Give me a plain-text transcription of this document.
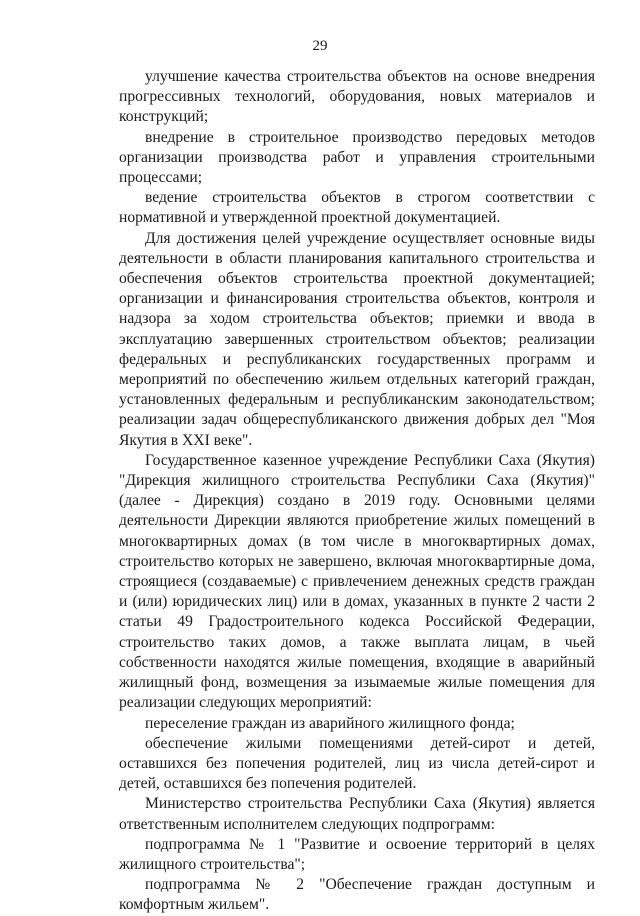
29

улучшение качества строительства объектов на основе внедрения прогрессивных технологий, оборудования, новых материалов и конструкций;

внедрение в строительное производство передовых методов организации производства работ и управления строительными процессами;

ведение строительства объектов в строгом соответствии с нормативной и утвержденной проектной документацией.

Для достижения целей учреждение осуществляет основные виды деятельности в области планирования капитального строительства и обеспечения объектов строительства проектной документацией; организации и финансирования строительства объектов, контроля и надзора за ходом строительства объектов; приемки и ввода в эксплуатацию завершенных строительством объектов; реализации федеральных и республиканских государственных программ и мероприятий по обеспечению жильем отдельных категорий граждан, установленных федеральным и республиканским законодательством; реализации задач общереспубликанского движения добрых дел "Моя Якутия в XXI веке".

Государственное казенное учреждение Республики Саха (Якутия) "Дирекция жилищного строительства Республики Саха (Якутия)" (далее - Дирекция) создано в 2019 году. Основными целями деятельности Дирекции являются приобретение жилых помещений в многоквартирных домах (в том числе в многоквартирных домах, строительство которых не завершено, включая многоквартирные дома, строящиеся (создаваемые) с привлечением денежных средств граждан и (или) юридических лиц) или в домах, указанных в пункте 2 части 2 статьи 49 Градостроительного кодекса Российской Федерации, строительство таких домов, а также выплата лицам, в чьей собственности находятся жилые помещения, входящие в аварийный жилищный фонд, возмещения за изымаемые жилые помещения для реализации следующих мероприятий:

переселение граждан из аварийного жилищного фонда;

обеспечение жилыми помещениями детей-сирот и детей, оставшихся без попечения родителей, лиц из числа детей-сирот и детей, оставшихся без попечения родителей.

Министерство строительства Республики Саха (Якутия) является ответственным исполнителем следующих подпрограмм:

подпрограмма № 1 "Развитие и освоение территорий в целях жилищного строительства";

подпрограмма № 2 "Обеспечение граждан доступным и комфортным жильем".
